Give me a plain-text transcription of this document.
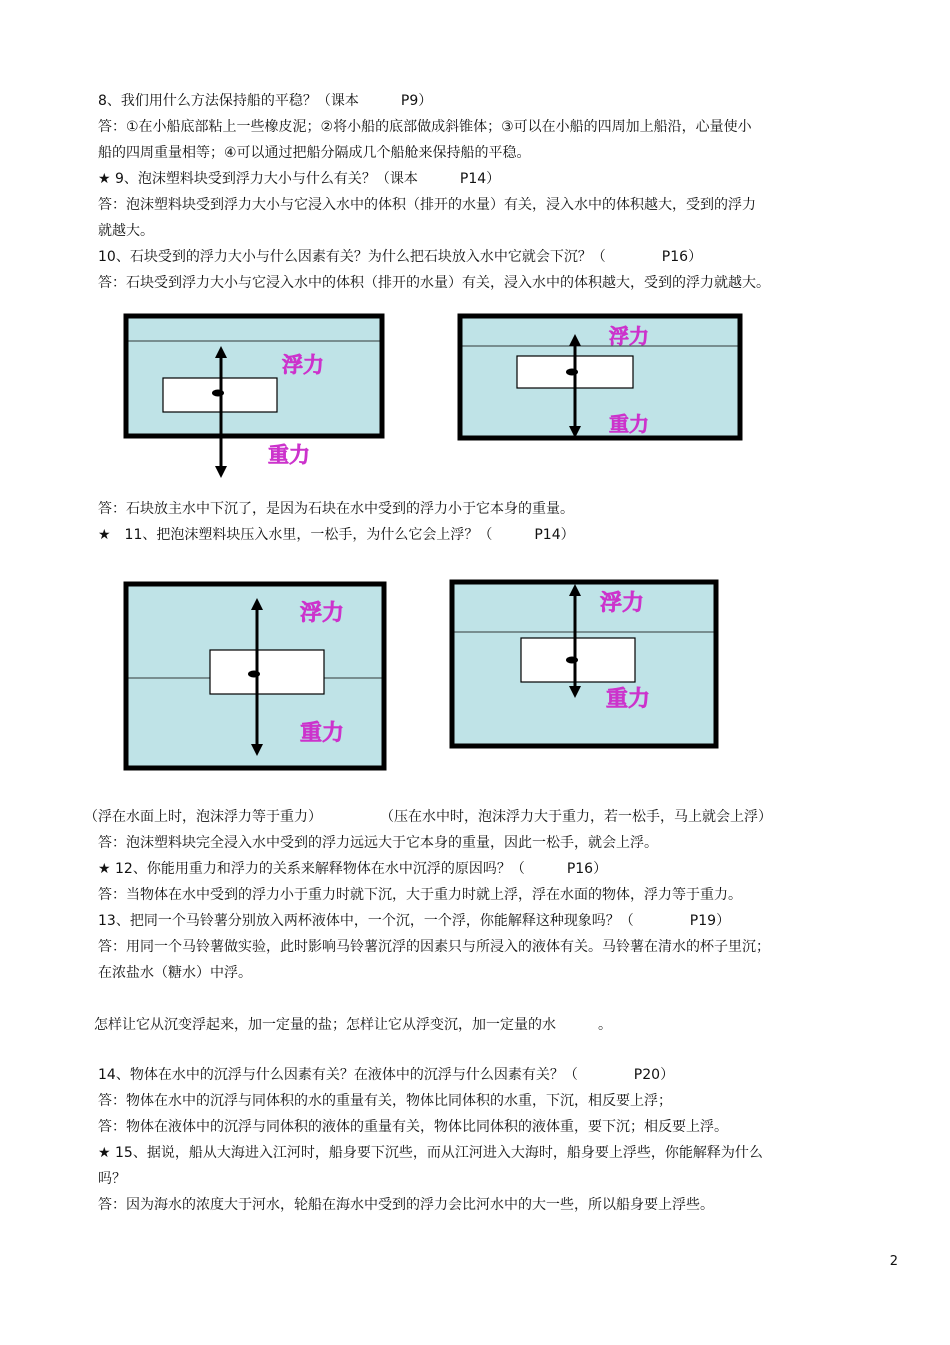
8、我们用什么方法保持船的平稳？（课本　　　P9）
答：①在小船底部粘上一些橡皮泥；②将小船的底部做成斜锥体；③可以在小船的四周加上船沿，心量使小
船的四周重量相等；④可以通过把船分隔成几个船舱来保持船的平稳。
★ 9、泡沫塑料块受到浮力大小与什么有关？（课本　　　P14）
答：泡沫塑料块受到浮力大小与它浸入水中的体积（排开的水量）有关，浸入水中的体积越大，受到的浮力
就越大。
10、石块受到的浮力大小与什么因素有关？为什么把石块放入水中它就会下沉？（　　　　P16）
答：石块受到浮力大小与它浸入水中的体积（排开的水量）有关，浸入水中的体积越大，受到的浮力就越大。
浮力
重力
浮力
重力
答：石块放主水中下沉了，是因为石块在水中受到的浮力小于它本身的重量。
★　11、把泡沫塑料块压入水里，一松手，为什么它会上浮？（　　　P14）
浮力
重力
浮力
重力
（浮在水面上时，泡沫浮力等于重力）	（压在水中时，泡沫浮力大于重力，若一松手，马上就会上浮）
答：泡沫塑料块完全浸入水中受到的浮力远远大于它本身的重量，因此一松手，就会上浮。
★ 12、你能用重力和浮力的关系来解释物体在水中沉浮的原因吗？（　　　P16）
答：当物体在水中受到的浮力小于重力时就下沉，大于重力时就上浮，浮在水面的物体，浮力等于重力。
13、把同一个马铃薯分别放入两杯液体中，一个沉，一个浮，你能解释这种现象吗？（　　　　P19）
答：用同一个马铃薯做实验，此时影响马铃薯沉浮的因素只与所浸入的液体有关。马铃薯在清水的杯子里沉；
在浓盐水（糖水）中浮。
怎样让它从沉变浮起来，加一定量的盐；怎样让它从浮变沉，加一定量的水　　　。
14、物体在水中的沉浮与什么因素有关？在液体中的沉浮与什么因素有关？（　　　　P20）
答：物体在水中的沉浮与同体积的水的重量有关，物体比同体积的水重，下沉，相反要上浮；
答：物体在液体中的沉浮与同体积的液体的重量有关，物体比同体积的液体重，要下沉；相反要上浮。
★ 15、据说，船从大海进入江河时，船身要下沉些，而从江河进入大海时，船身要上浮些，你能解释为什么
吗？
答：因为海水的浓度大于河水，轮船在海水中受到的浮力会比河水中的大一些，所以船身要上浮些。
2
